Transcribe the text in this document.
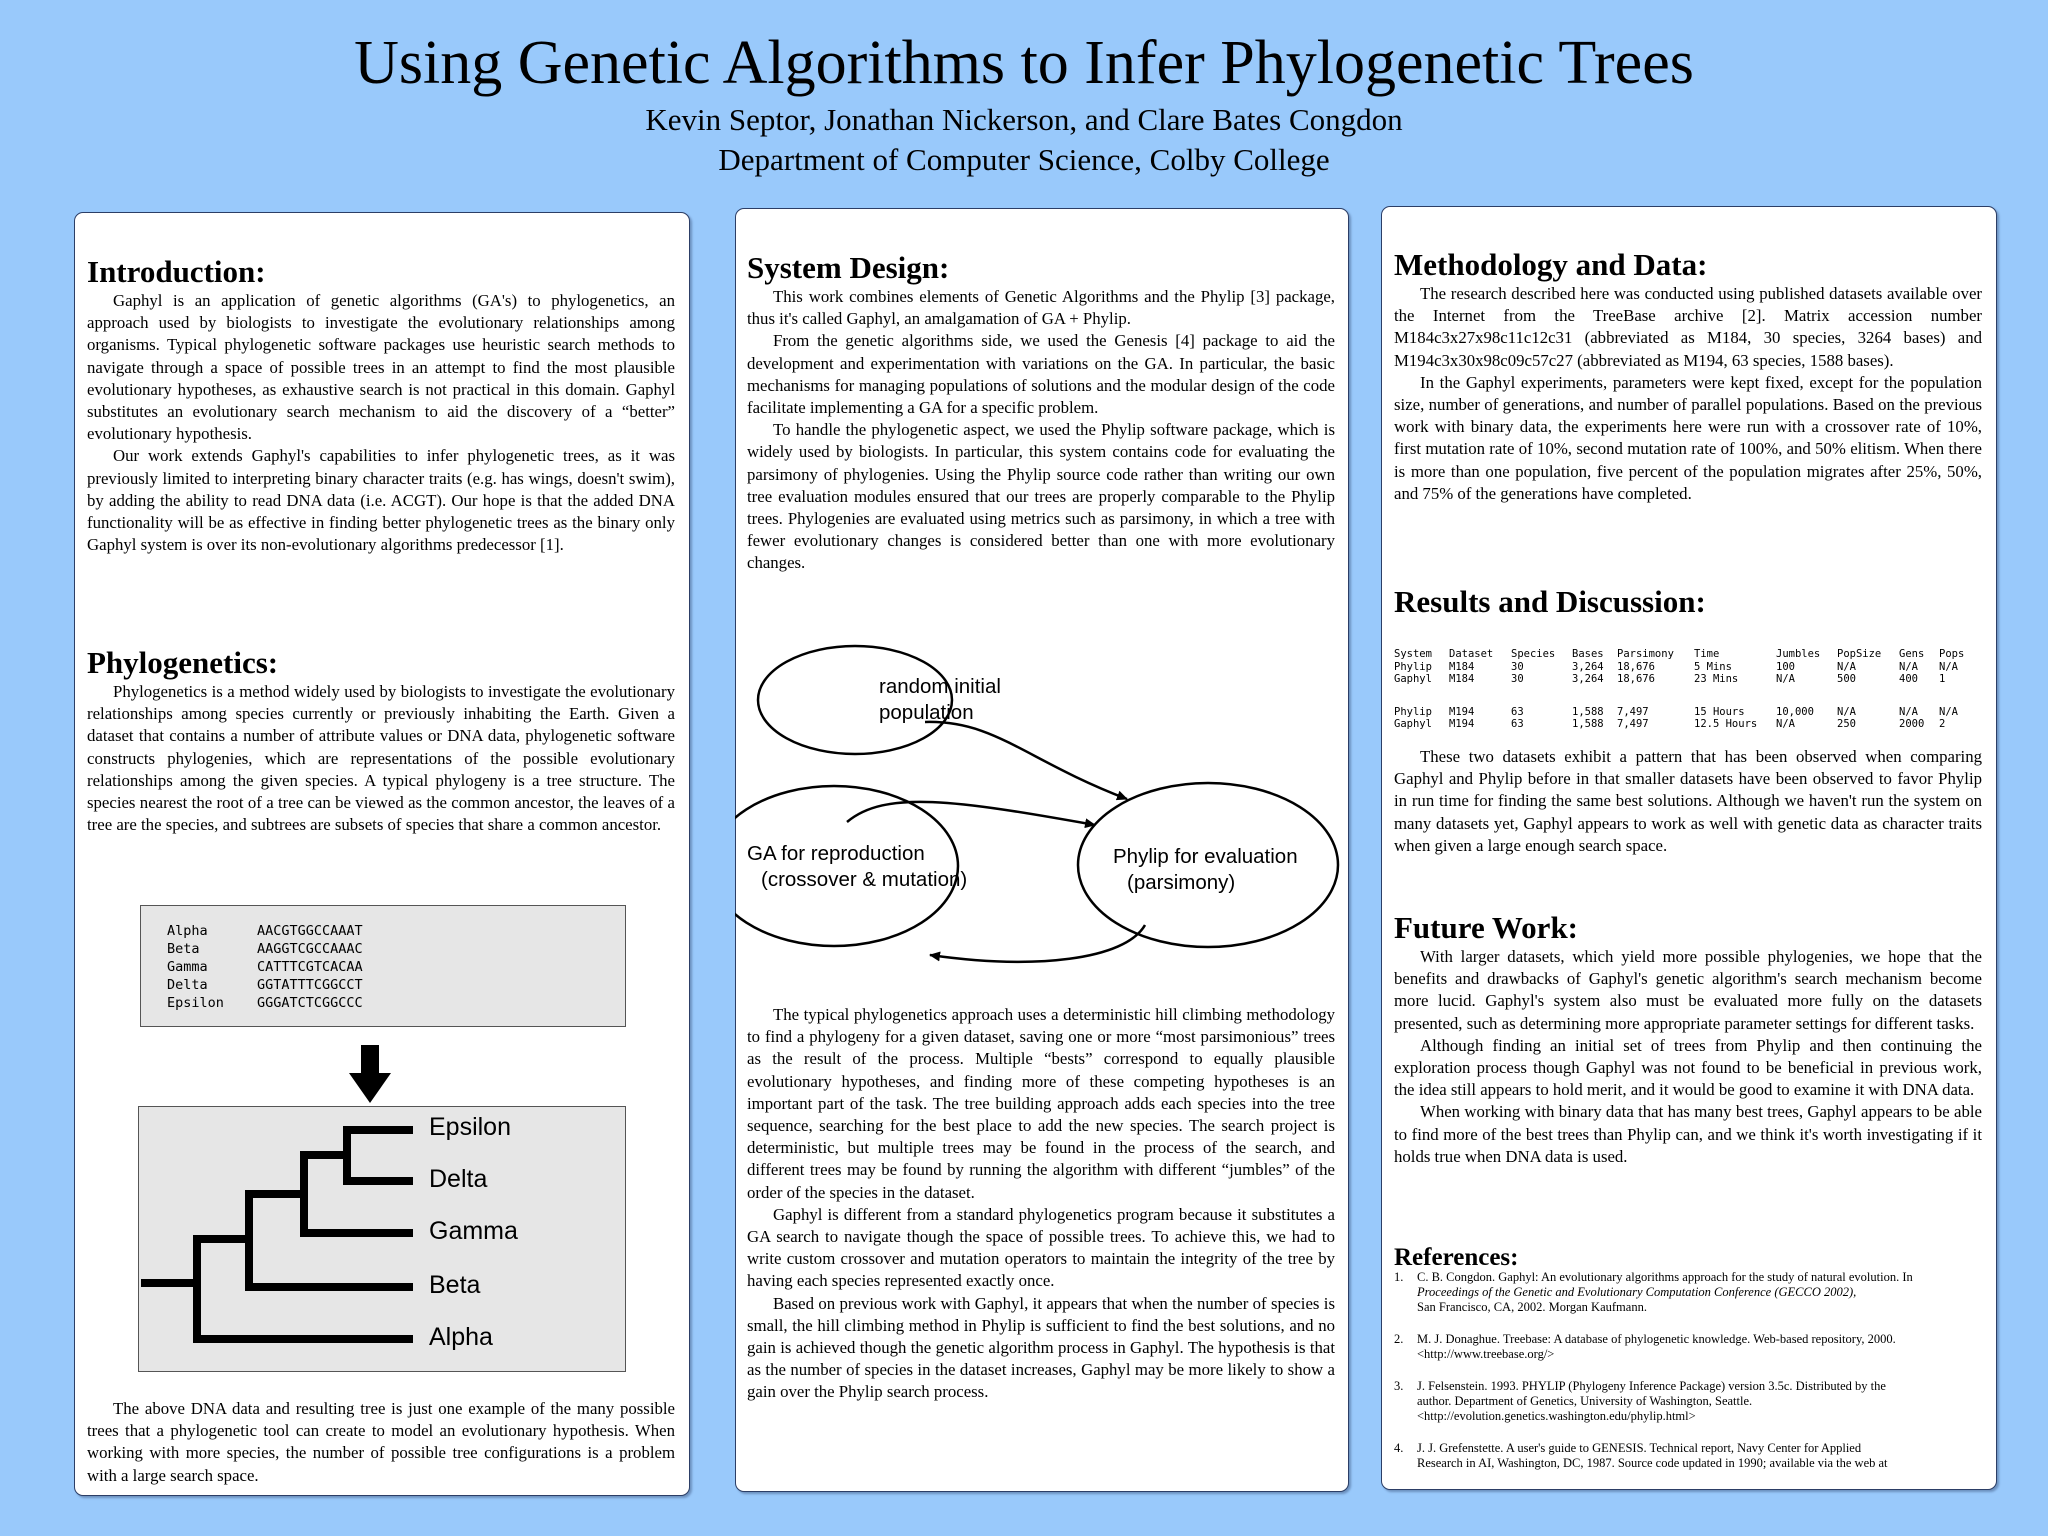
Using Genetic Algorithms to Infer Phylogenetic Trees
Kevin Septor, Jonathan Nickerson, and Clare Bates Congdon
Department of Computer Science, Colby College
Introduction:

Gaphyl is an application of genetic algorithms (GA's) to phylogenetics, an approach used by biologists to investigate the evolutionary relationships among organisms. Typical phylogenetic software packages use heuristic search methods to navigate through a space of possible trees in an attempt to find the most plausible evolutionary hypotheses, as exhaustive search is not practical in this domain. Gaphyl substitutes an evolutionary search mechanism to aid the discovery of a “better” evolutionary hypothesis.

Our work extends Gaphyl's capabilities to infer phylogenetic trees, as it was previously limited to interpreting binary character traits (e.g. has wings, doesn't swim), by adding the ability to read DNA data (i.e. ACGT). Our hope is that the added DNA functionality will be as effective in finding better phylogenetic trees as the binary only Gaphyl system is over its non-evolutionary algorithms predecessor [1].

Phylogenetics:

Phylogenetics is a method widely used by biologists to investigate the evolutionary relationships among species currently or previously inhabiting the Earth. Given a dataset that contains a number of attribute values or DNA data, phylogenetic software constructs phylogenies, which are representations of the possible evolutionary relationships among the given species. A typical phylogeny is a tree structure. The species nearest the root of a tree can be viewed as the common ancestor, the leaves of a tree are the species, and subtrees are subsets of species that share a common ancestor.

Alpha	AACGTGGCCAAAT
Beta	AAGGTCGCCAAAC
Gamma	CATTTCGTCACAA
Delta	GGTATTTCGGCCT
Epsilon GGGATCTCGGCCC
Epsilon
Delta
Gamma
Beta
Alpha

The above DNA data and resulting tree is just one example of the many possible trees that a phylogenetic tool can create to model an evolutionary hypothesis. When working with more species, the number of possible tree configurations is a problem with a large search space.

System Design:

This work combines elements of Genetic Algorithms and the Phylip [3] package, thus it's called Gaphyl, an amalgamation of GA + Phylip.

From the genetic algorithms side, we used the Genesis [4] package to aid the development and experimentation with variations on the GA. In particular, the basic mechanisms for managing populations of solutions and the modular design of the code facilitate implementing a GA for a specific problem.

To handle the phylogenetic aspect, we used the Phylip software package, which is widely used by biologists. In particular, this system contains code for evaluating the parsimony of phylogenies. Using the Phylip source code rather than writing our own tree evaluation modules ensured that our trees are properly comparable to the Phylip trees. Phylogenies are evaluated using metrics such as parsimony, in which a tree with fewer evolutionary changes is considered better than one with more evolutionary changes.

random initial
population
GA for reproduction
(crossover & mutation)
Phylip for evaluation
(parsimony)

The typical phylogenetics approach uses a deterministic hill climbing methodology to find a phylogeny for a given dataset, saving one or more “most parsimonious” trees as the result of the process. Multiple “bests” correspond to equally plausible evolutionary hypotheses, and finding more of these competing hypotheses is an important part of the task. The tree building approach adds each species into the tree sequence, searching for the best place to add the new species. The search project is deterministic, but multiple trees may be found in the process of the search, and different trees may be found by running the algorithm with different “jumbles” of the order of the species in the dataset.

Gaphyl is different from a standard phylogenetics program because it substitutes a GA search to navigate though the space of possible trees. To achieve this, we had to write custom crossover and mutation operators to maintain the integrity of the tree by having each species represented exactly once.

Based on previous work with Gaphyl, it appears that when the number of species is small, the hill climbing method in Phylip is sufficient to find the best solutions, and no gain is achieved though the genetic algorithm process in Gaphyl. The hypothesis is that as the number of species in the dataset increases, Gaphyl may be more likely to show a gain over the Phylip search process.

Methodology and Data:

The research described here was conducted using published datasets available over the Internet from the TreeBase archive [2]. Matrix accession number M184c3x27x98c11c12c31 (abbreviated as M184, 30 species, 3264 bases) and M194c3x30x98c09c57c27 (abbreviated as M194, 63 species, 1588 bases).

In the Gaphyl experiments, parameters were kept fixed, except for the population size, number of generations, and number of parallel populations. Based on the previous work with binary data, the experiments here were run with a crossover rate of 10%, first mutation rate of 10%, second mutation rate of 100%, and 50% elitism. When there is more than one population, five percent of the population migrates after 25%, 50%, and 75% of the generations have completed.

Results and Discussion:
System	Dataset	Species	Bases	Parsimony	Time	Jumbles	PopSize	Gens	Pops
Phylip	M184	30	3,264	18,676	5 Mins	100	N/A	N/A	N/A
Gaphyl	M184	30	3,264	18,676	23 Mins	N/A	500	400	1

Phylip	M194	63	1,588	7,497	15 Hours	10,000	N/A	N/A	N/A
Gaphyl	M194	63	1,588	7,497	12.5 Hours	N/A	250	2000	2

These two datasets exhibit a pattern that has been observed when comparing Gaphyl and Phylip before in that smaller datasets have been observed to favor Phylip in run time for finding the same best solutions. Although we haven't run the system on many datasets yet, Gaphyl appears to work as well with genetic data as character traits when given a large enough search space.

Future Work:

With larger datasets, which yield more possible phylogenies, we hope that the benefits and drawbacks of Gaphyl's genetic algorithm's search mechanism become more lucid. Gaphyl's system also must be evaluated more fully on the datasets presented, such as determining more appropriate parameter settings for different tasks.

Although finding an initial set of trees from Phylip and then continuing the exploration process though Gaphyl was not found to be beneficial in previous work, the idea still appears to hold merit, and it would be good to examine it with DNA data.

When working with binary data that has many best trees, Gaphyl appears to be able to find more of the best trees than Phylip can, and we think it's worth investigating if it holds true when DNA data is used.

References:
1. C. B. Congdon. Gaphyl: An evolutionary algorithms approach for the study of natural evolution. In
Proceedings of the Genetic and Evolutionary Computation Conference (GECCO 2002),
San Francisco, CA, 2002. Morgan Kaufmann.
2. M. J. Donaghue. Treebase: A database of phylogenetic knowledge. Web-based repository, 2000.
<http://www.treebase.org/>
3. J. Felsenstein. 1993. PHYLIP (Phylogeny Inference Package) version 3.5c. Distributed by the
author. Department of Genetics, University of Washington, Seattle.
<http://evolution.genetics.washington.edu/phylip.html>
4. J. J. Grefenstette. A user's guide to GENESIS. Technical report, Navy Center for Applied
Research in AI, Washington, DC, 1987. Source code updated in 1990; available via the web at
